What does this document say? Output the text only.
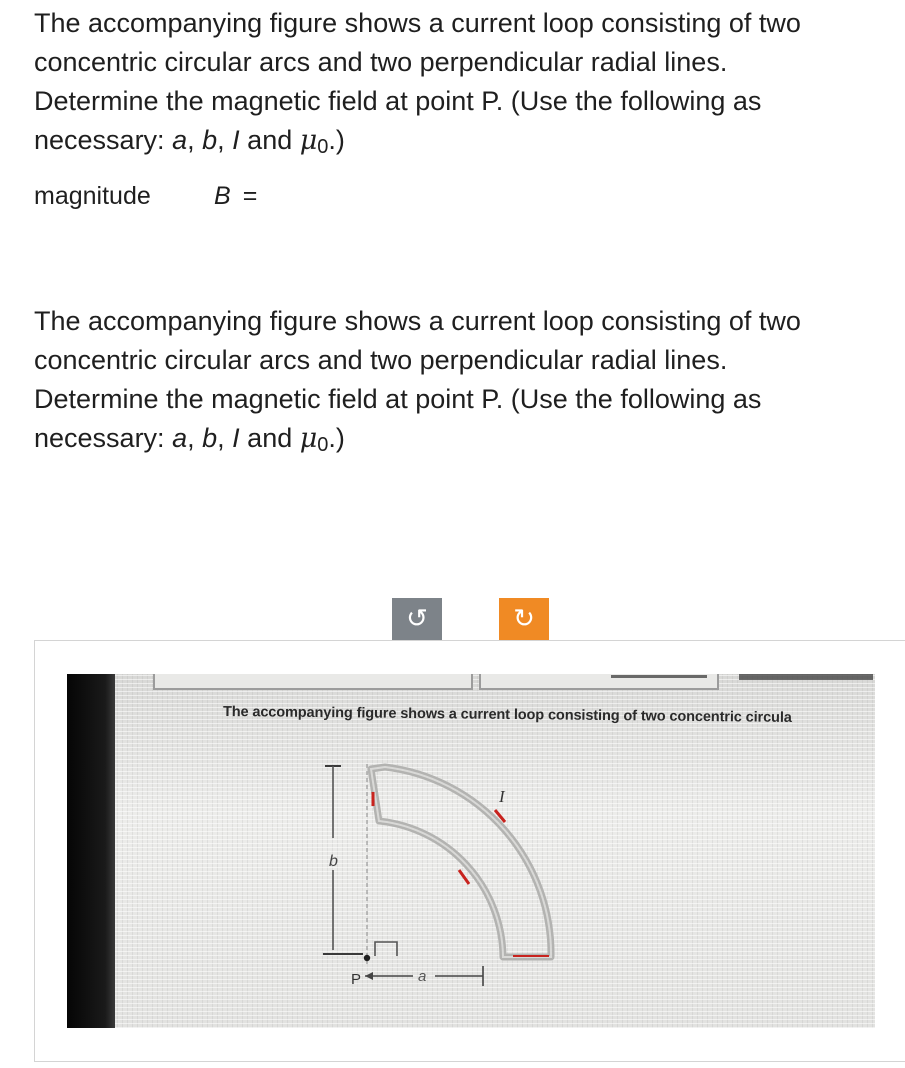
The accompanying figure shows a current loop consisting of two
concentric circular arcs and two perpendicular radial lines.
Determine the magnetic field at point P. (Use the following as
necessary: a, b, I and $\mu_0$.)

magnitude	B =

The accompanying figure shows a current loop consisting of two
concentric circular arcs and two perpendicular radial lines.
Determine the magnetic field at point P. (Use the following as
necessary: a, b, I and $\mu_0$.)

↺	↻
The accompanying figure shows a current loop consisting of two concentric circula
b
I
P	a
